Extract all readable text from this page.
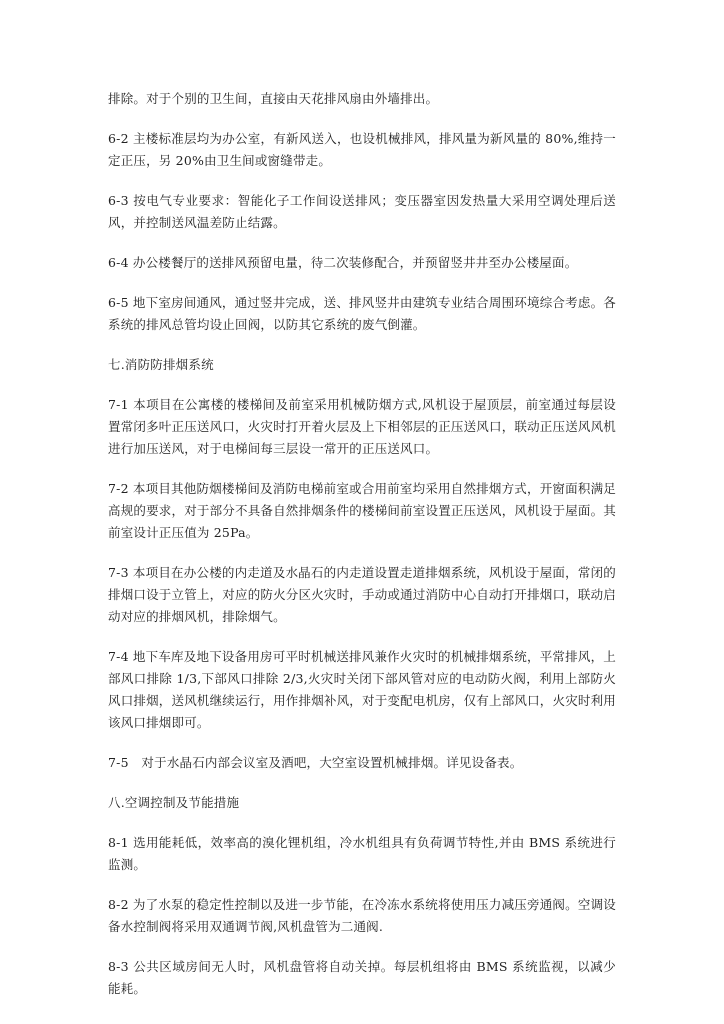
排除。对于个别的卫生间，直接由天花排风扇由外墙排出。

6-2 主楼标准层均为办公室，有新风送入，也设机械排风，排风量为新风量的 80%,维持一定正压，另 20%由卫生间或窗缝带走。

6-3 按电气专业要求：智能化子工作间设送排风；变压器室因发热量大采用空调处理后送风，并控制送风温差防止结露。

6-4 办公楼餐厅的送排风预留电量，待二次装修配合，并预留竖井井至办公楼屋面。

6-5 地下室房间通风，通过竖井完成，送、排风竖井由建筑专业结合周围环境综合考虑。各系统的排风总管均设止回阀，以防其它系统的废气倒灌。

七.消防防排烟系统

7-1 本项目在公寓楼的楼梯间及前室采用机械防烟方式,风机设于屋顶层，前室通过每层设置常闭多叶正压送风口，火灾时打开着火层及上下相邻层的正压送风口，联动正压送风风机进行加压送风，对于电梯间每三层设一常开的正压送风口。

7-2 本项目其他防烟楼梯间及消防电梯前室或合用前室均采用自然排烟方式，开窗面积满足高规的要求，对于部分不具备自然排烟条件的楼梯间前室设置正压送风，风机设于屋面。其前室设计正压值为 25Pa。

7-3 本项目在办公楼的内走道及水晶石的内走道设置走道排烟系统，风机设于屋面，常闭的排烟口设于立管上，对应的防火分区火灾时，手动或通过消防中心自动打开排烟口，联动启动对应的排烟风机，排除烟气。

7-4 地下车库及地下设备用房可平时机械送排风兼作火灾时的机械排烟系统，平常排风，上部风口排除 1/3,下部风口排除 2/3,火灾时关闭下部风管对应的电动防火阀，利用上部防火风口排烟，送风机继续运行，用作排烟补风，对于变配电机房，仅有上部风口，火灾时利用该风口排烟即可。

7-5　对于水晶石内部会议室及酒吧，大空室设置机械排烟。详见设备表。

八.空调控制及节能措施

8-1 选用能耗低，效率高的溴化锂机组，冷水机组具有负荷调节特性,并由 BMS 系统进行监测。

8-2 为了水泵的稳定性控制以及进一步节能，在冷冻水系统将使用压力减压旁通阀。空调设备水控制阀将采用双通调节阀,风机盘管为二通阀.

8-3 公共区域房间无人时，风机盘管将自动关掉。每层机组将由 BMS 系统监视，以减少能耗。
